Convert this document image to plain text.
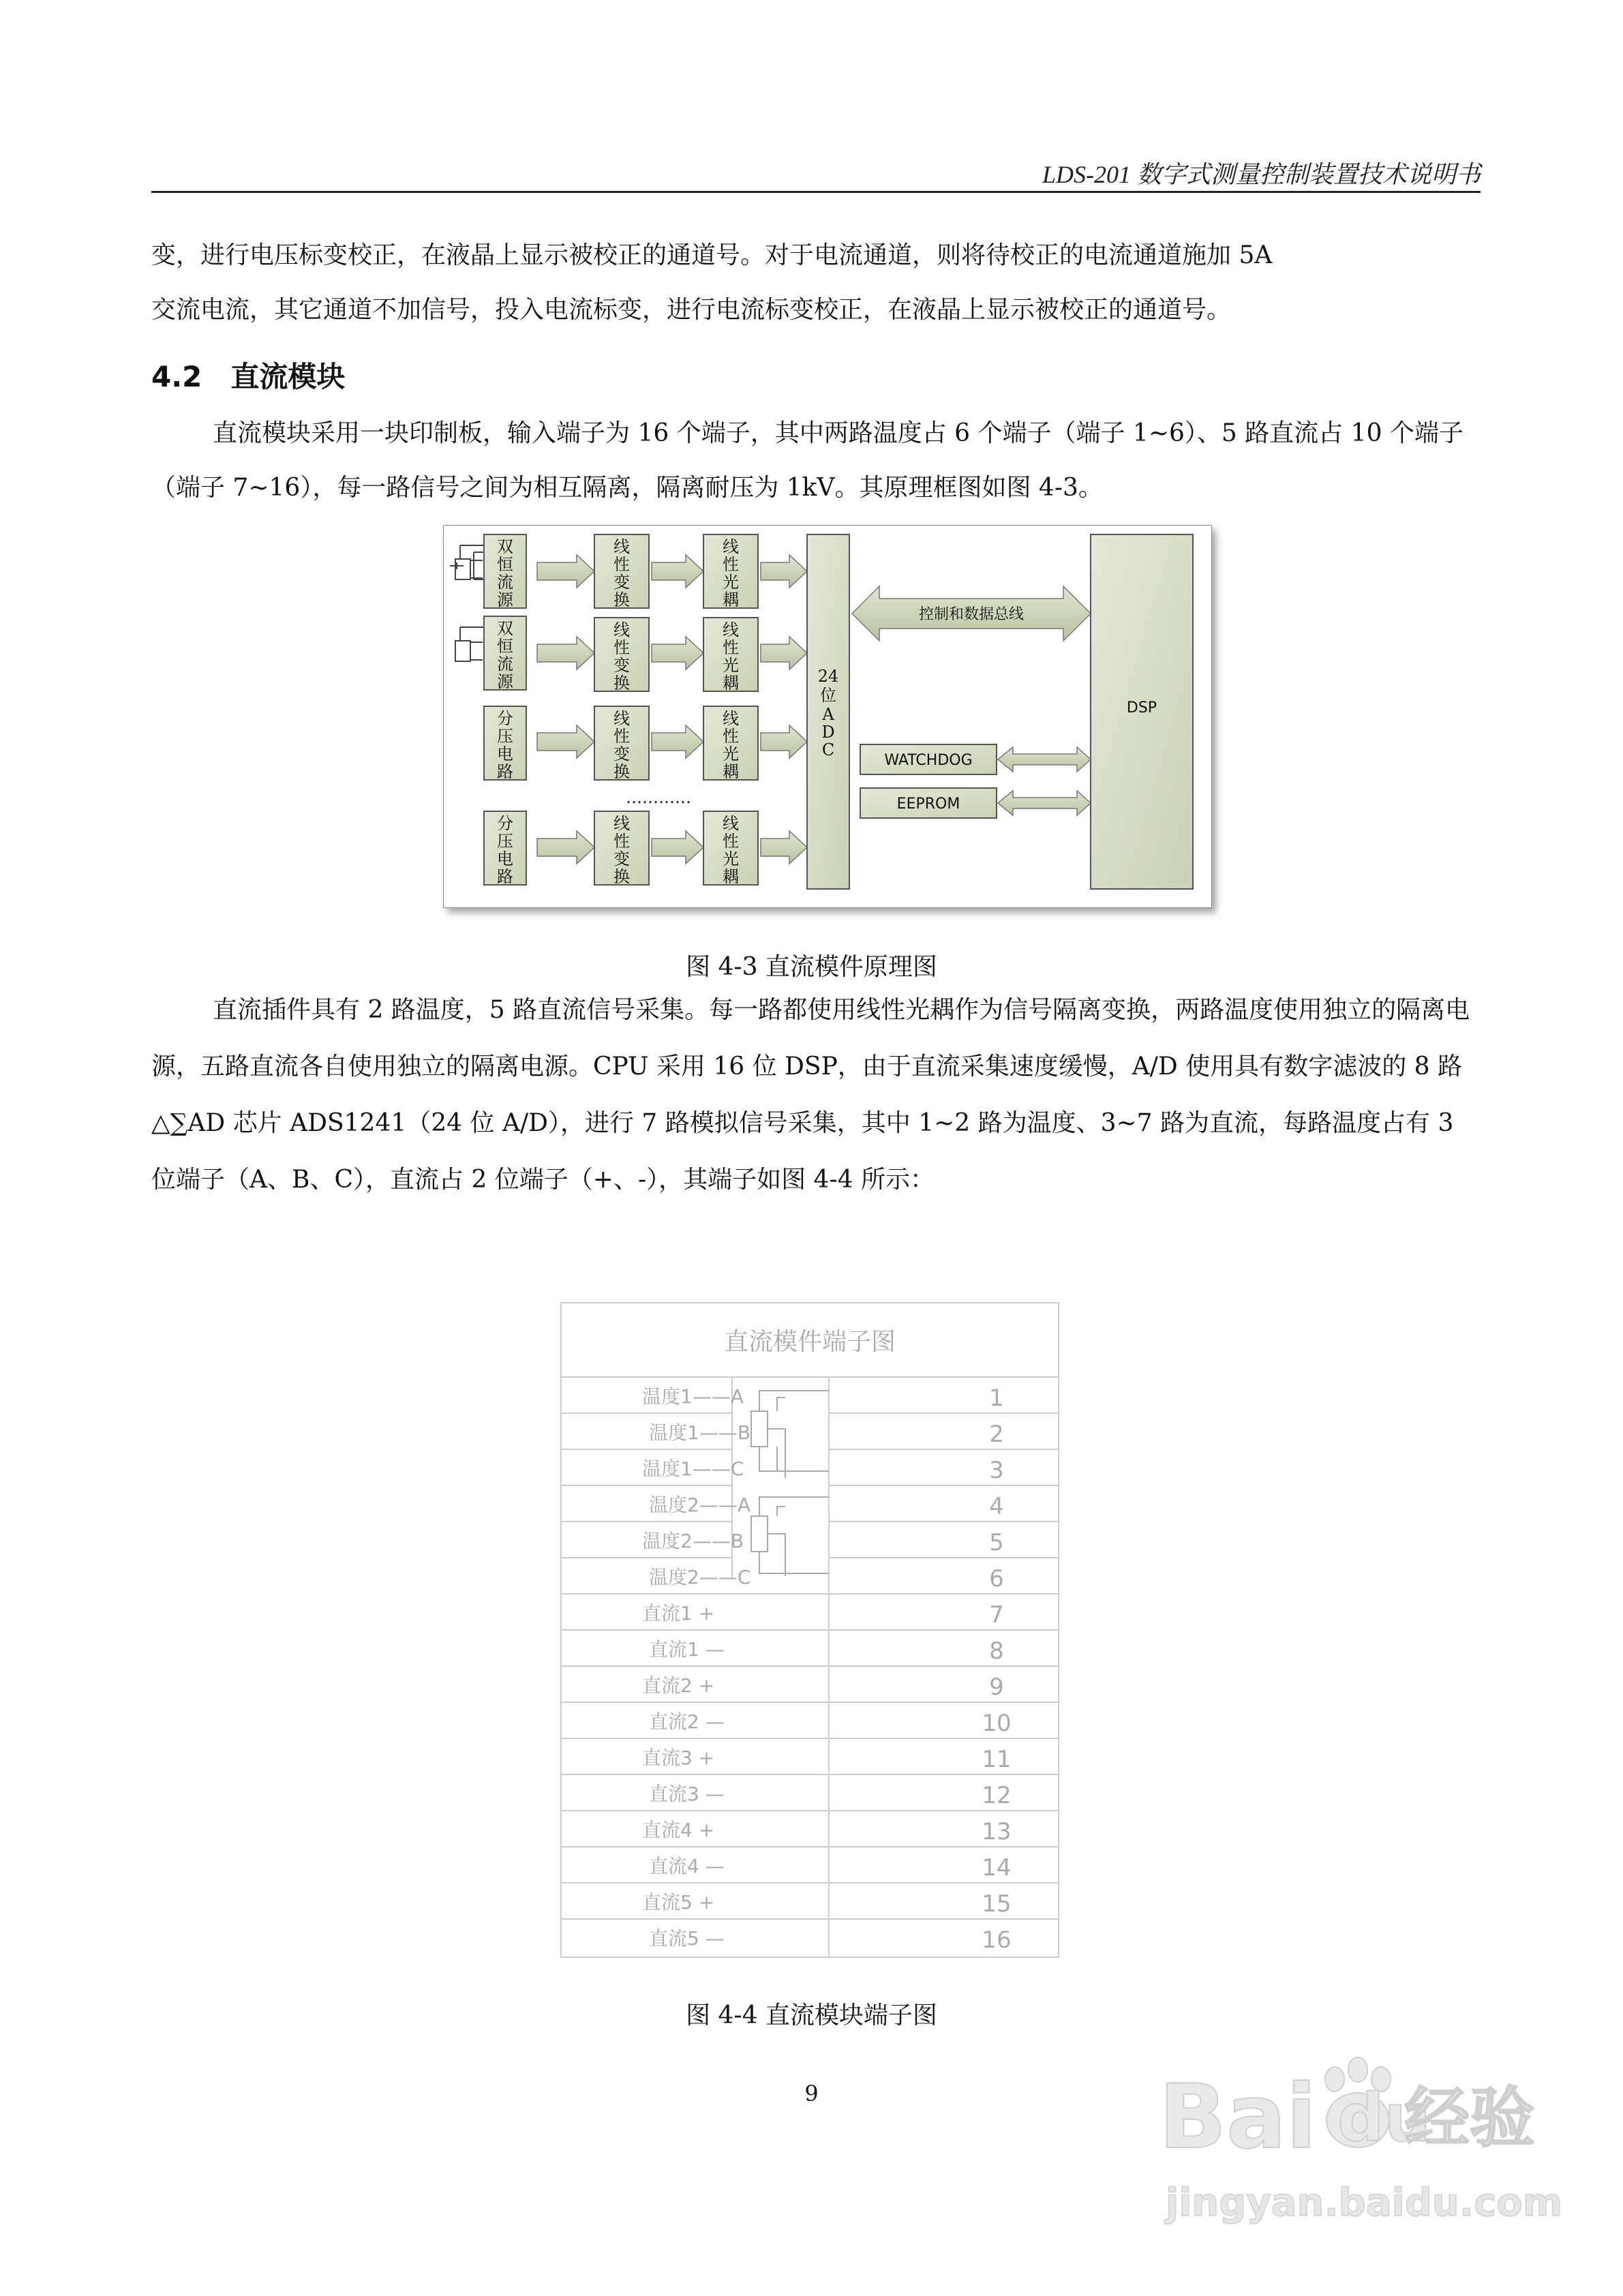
LDS-201 数字式测量控制装置技术说明书

变，进行电压标变校正，在液晶上显示被校正的通道号。对于电流通道，则将待校正的电流通道施加 5A

交流电流，其它通道不加信号，投入电流标变，进行电流标变校正，在液晶上显示被校正的通道号。

4.2 直流模块

直流模块采用一块印制板，输入端子为 16 个端子，其中两路温度占 6 个端子（端子 1~6）、5 路直流占 10 个端子（端子 7~16），每一路信号之间为相互隔离，隔离耐压为 1kV。其原理框图如图 4-3。

双
恒
流
源
线
性
变
换
线
性
光
耦
双
恒
流
源
线
性
变
换
线
性
光
耦
分
压
电
路
线
性
变
换
线
性
光
耦
…………
分
压
电
路
线
性
变
换
线
性
光
耦
24
位
A
D
C
控制和数据总线
DSP
WATCHDOG
EEPROM
图 4-3 直流模件原理图

直流插件具有 2 路温度，5 路直流信号采集。每一路都使用线性光耦作为信号隔离变换，两路温度使用独立的隔离电源，五路直流各自使用独立的隔离电源。CPU 采用 16 位 DSP，由于直流采集速度缓慢，A/D 使用具有数字滤波的 8 路△∑AD 芯片 ADS1241（24 位 A/D），进行 7 路模拟信号采集，其中 1~2 路为温度、3~7 路为直流，每路温度占有 3 位端子（A、B、C），直流占 2 位端子（+、-），其端子如图 4-4 所示：

直流模件端子图
温度1——A	1
温度1——B	2
温度1——C	3
温度2——A	4
温度2——B	5
温度2——C	6
直流1 +	7
直流1 —	8
直流2 +	9
直流2 —	10
直流3 +	11
直流3 —	12
直流4 +	13
直流4 —	14
直流5 +	15
直流5 —	16
图 4-4 直流模块端子图
9	Bai du
经验
jingyan.baidu.com
